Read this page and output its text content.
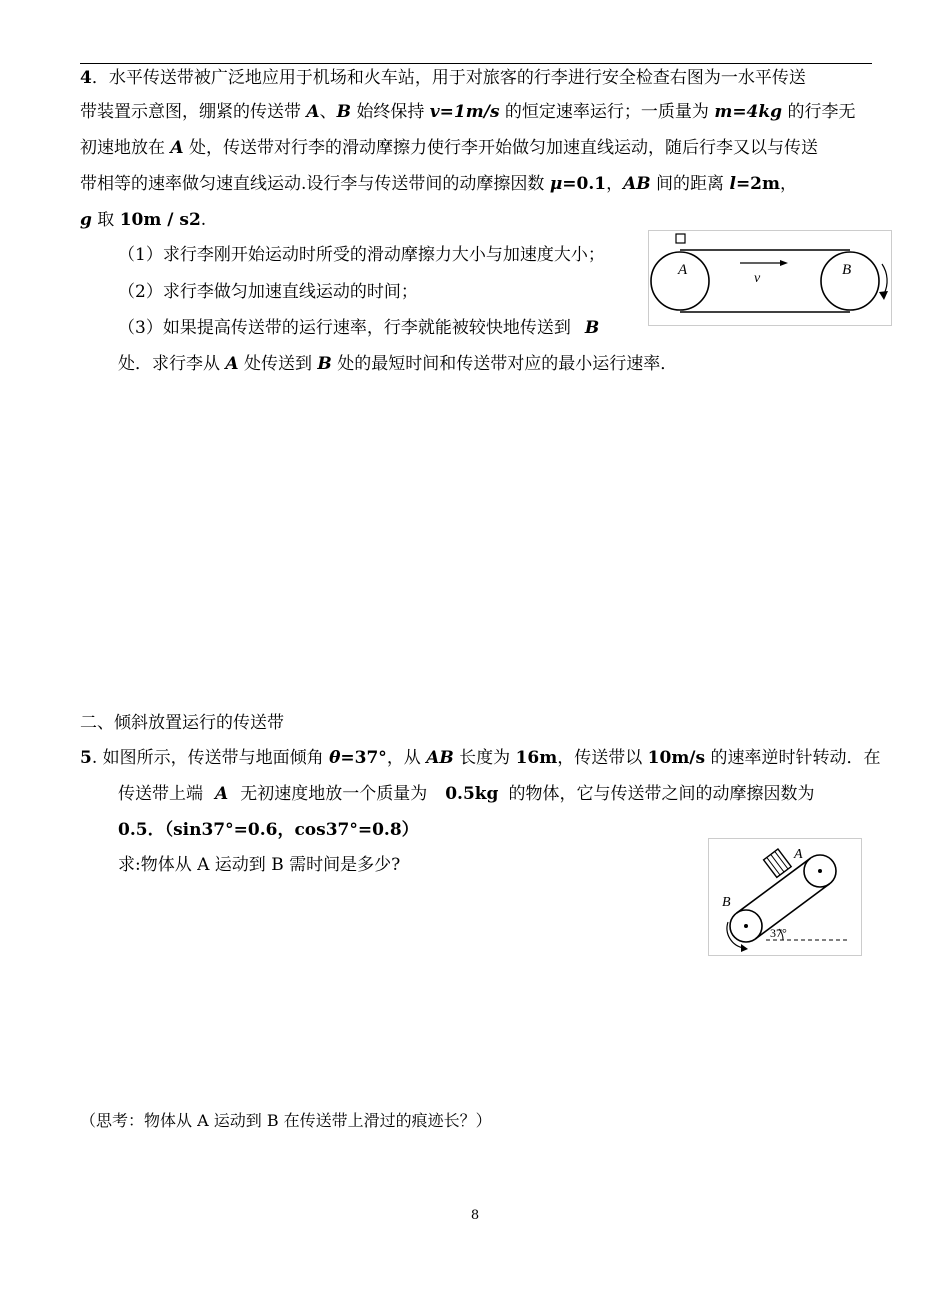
4．水平传送带被广泛地应用于机场和火车站，用于对旅客的行李进行安全检查右图为一水平传送
带装置示意图，绷紧的传送带 A、B 始终保持 v=1m/s 的恒定速率运行；一质量为 m=4kg 的行李无
初速地放在 A 处，传送带对行李的滑动摩擦力使行李开始做匀加速直线运动，随后行李又以与传送
带相等的速率做匀速直线运动.设行李与传送带间的动摩擦因数 μ=0.1，AB 间的距离 l=2m，
g 取 10m / s2.
（1）求行李刚开始运动时所受的滑动摩擦力大小与加速度大小；
（2）求行李做匀加速直线运动的时间；
（3）如果提高传送带的运行速率，行李就能被较快地传送到 B
处．求行李从 A 处传送到 B 处的最短时间和传送带对应的最小运行速率．
A
v
B
二、倾斜放置运行的传送带
5. 如图所示，传送带与地面倾角 θ=37°，从 AB 长度为 16m，传送带以 10m/s 的速率逆时针转动．在
传送带上端 A 无初速度地放一个质量为 0.5kg 的物体，它与传送带之间的动摩擦因数为
0.5．（sin37°=0.6，cos37°=0.8）
求:物体从 A 运动到 B 需时间是多少?
A
B
37°
（思考：物体从 A 运动到 B 在传送带上滑过的痕迹长？）
8
